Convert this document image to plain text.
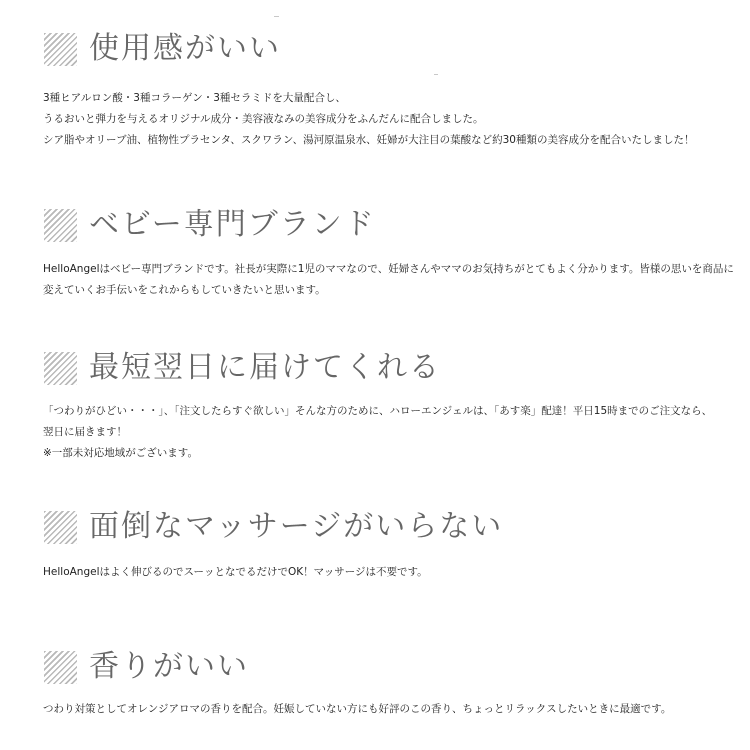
使用感がいい
3種ヒアルロン酸・3種コラーゲン・3種セラミドを大量配合し、
うるおいと弾力を与えるオリジナル成分・美容液なみの美容成分をふんだんに配合しました。
シア脂やオリーブ油、植物性プラセンタ、スクワラン、湯河原温泉水、妊婦が大注目の葉酸など約30種類の美容成分を配合いたしました！
ベビー専門ブランド
HelloAngelはベビー専門ブランドです。社長が実際に1児のママなので、妊婦さんやママのお気持ちがとてもよく分かります。皆様の思いを商品に
変えていくお手伝いをこれからもしていきたいと思います。
最短翌日に届けてくれる
「つわりがひどい・・・」、「注文したらすぐ欲しい」そんな方のために、ハローエンジェルは、「あす楽」配達！平日15時までのご注文なら、
翌日に届きます！
※一部未対応地域がございます。
面倒なマッサージがいらない
HelloAngelはよく伸びるのでスーッとなでるだけでOK！マッサージは不要です。
香りがいい
つわり対策としてオレンジアロマの香りを配合。妊娠していない方にも好評のこの香り、ちょっとリラックスしたいときに最適です。
